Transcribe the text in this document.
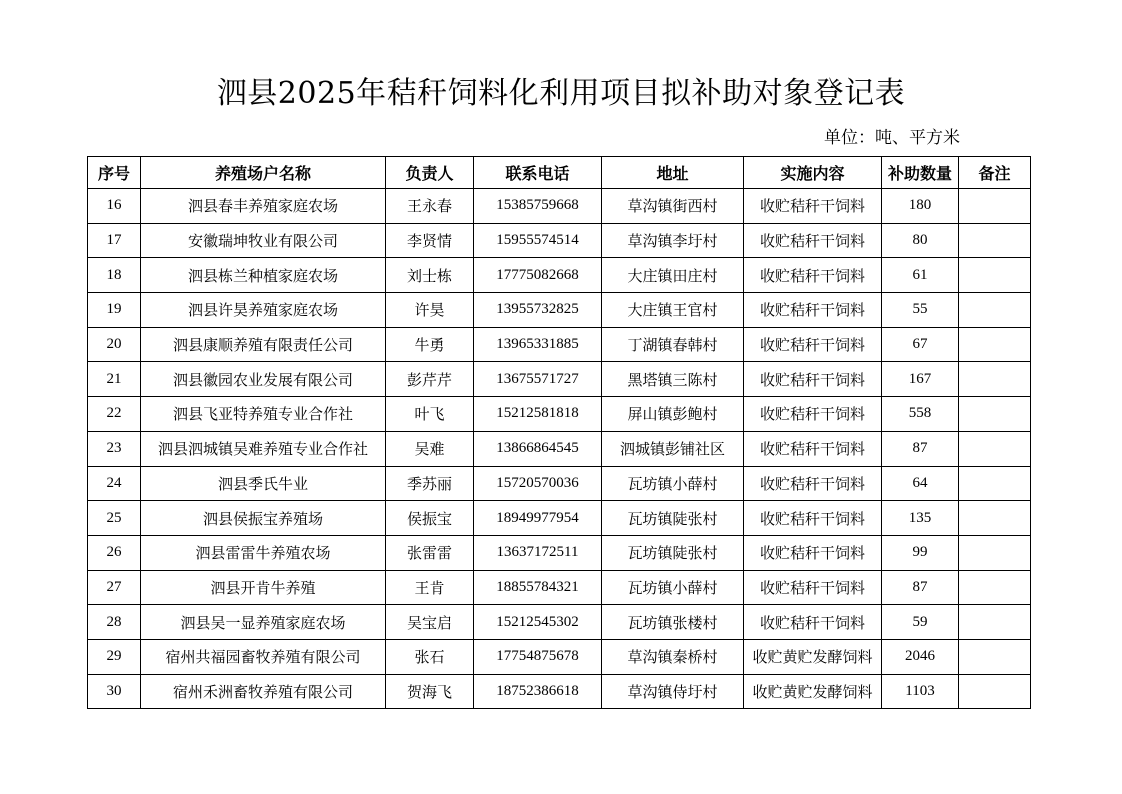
泗县2025年秸秆饲料化利用项目拟补助对象登记表
单位：吨、平方米
序号	养殖场户名称	负责人	联系电话	地址	实施内容	补助数量	备注
16	泗县春丰养殖家庭农场	王永春	15385759668	草沟镇街西村	收贮秸秆干饲料	180	
17	安徽瑞坤牧业有限公司	李贤情	15955574514	草沟镇李圩村	收贮秸秆干饲料	80	
18	泗县栋兰种植家庭农场	刘士栋	17775082668	大庄镇田庄村	收贮秸秆干饲料	61	
19	泗县许昊养殖家庭农场	许昊	13955732825	大庄镇王官村	收贮秸秆干饲料	55	
20	泗县康顺养殖有限责任公司	牛勇	13965331885	丁湖镇春韩村	收贮秸秆干饲料	67	
21	泗县徽园农业发展有限公司	彭芹芹	13675571727	黑塔镇三陈村	收贮秸秆干饲料	167	
22	泗县飞亚特养殖专业合作社	叶飞	15212581818	屏山镇彭鲍村	收贮秸秆干饲料	558	
23	泗县泗城镇吴难养殖专业合作社	吴难	13866864545	泗城镇彭铺社区	收贮秸秆干饲料	87	
24	泗县季氏牛业	季苏丽	15720570036	瓦坊镇小薛村	收贮秸秆干饲料	64	
25	泗县侯振宝养殖场	侯振宝	18949977954	瓦坊镇陡张村	收贮秸秆干饲料	135	
26	泗县雷雷牛养殖农场	张雷雷	13637172511	瓦坊镇陡张村	收贮秸秆干饲料	99	
27	泗县开肯牛养殖	王肯	18855784321	瓦坊镇小薛村	收贮秸秆干饲料	87	
28	泗县吴一显养殖家庭农场	吴宝启	15212545302	瓦坊镇张楼村	收贮秸秆干饲料	59	
29	宿州共福园畜牧养殖有限公司	张石	17754875678	草沟镇秦桥村	收贮黄贮发酵饲料	2046	
30	宿州禾洲畜牧养殖有限公司	贺海飞	18752386618	草沟镇侍圩村	收贮黄贮发酵饲料	1103	
